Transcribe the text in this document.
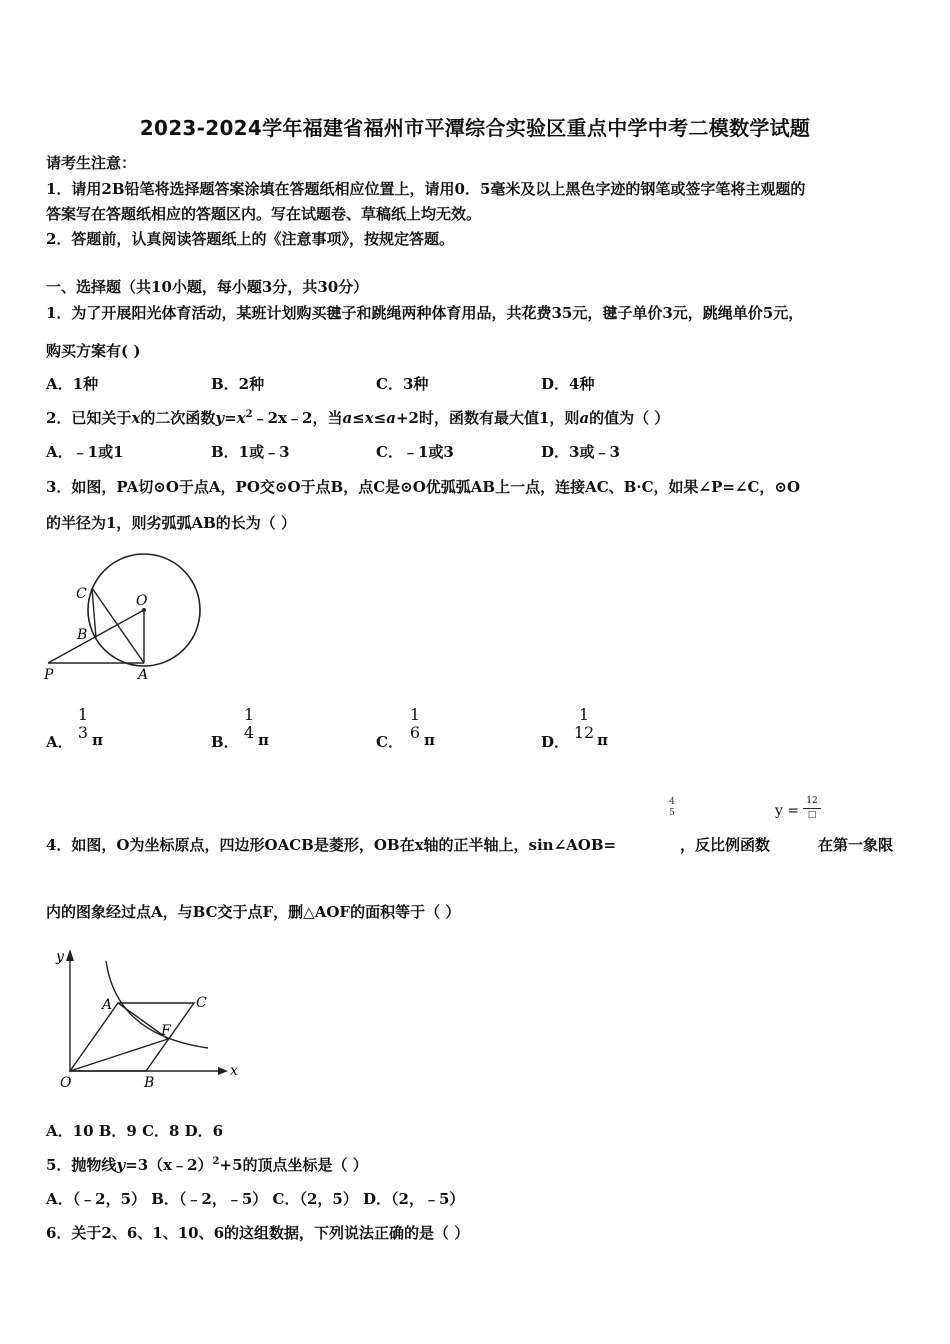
2023-2024学年福建省福州市平潭综合实验区重点中学中考二模数学试题
请考生注意：
1．请用2B铅笔将选择题答案涂填在答题纸相应位置上，请用0．5毫米及以上黑色字迹的钢笔或签字笔将主观题的
答案写在答题纸相应的答题区内。写在试题卷、草稿纸上均无效。
2．答题前，认真阅读答题纸上的《注意事项》，按规定答题。
一、选择题（共10小题，每小题3分，共30分）
1．为了开展阳光体育活动，某班计划购买毽子和跳绳两种体育用品，共花费35元，毽子单价3元，跳绳单价5元，
购买方案有( )
A．1种	B．2种	C．3种	D．4种
2．已知关于x的二次函数$y=x^2﹣2x﹣2$，当a≤x≤a+2时，函数有最大值1，则a的值为（ ）
A．﹣1或1	B．1或﹣3	C．﹣1或3	D．3或﹣3
3．如图，PA切⊙O于点A，PO交⊙O于点B，点C是⊙O优弧弧AB上一点，连接AC、B·C，如果∠P=∠C，⊙O
的半径为1，则劣弧弧AB的长为（ ）
C	O
B
P	A
A．
1
3 π	B．
1
4 π	C．
1
6 π	D．
1
12 π
4
5	y =
12
□
4．如图，O为坐标原点，四边形OACB是菱形，OB在x轴的正半轴上，sin∠AOB=	，反比例函数	在第一象限
内的图象经过点A，与BC交于点F，删△AOF的面积等于（ ）
y
A	C
F
O	B
x
A．10 B．9 C．8 D．6
5．抛物线y=3（x﹣2）$^2$+5的顶点坐标是（ ）
A．（﹣2，5） B．（﹣2，﹣5） C．（2，5） D．（2，﹣5）
6．关于2、6、1、10、6的这组数据，下列说法正确的是（ ）
